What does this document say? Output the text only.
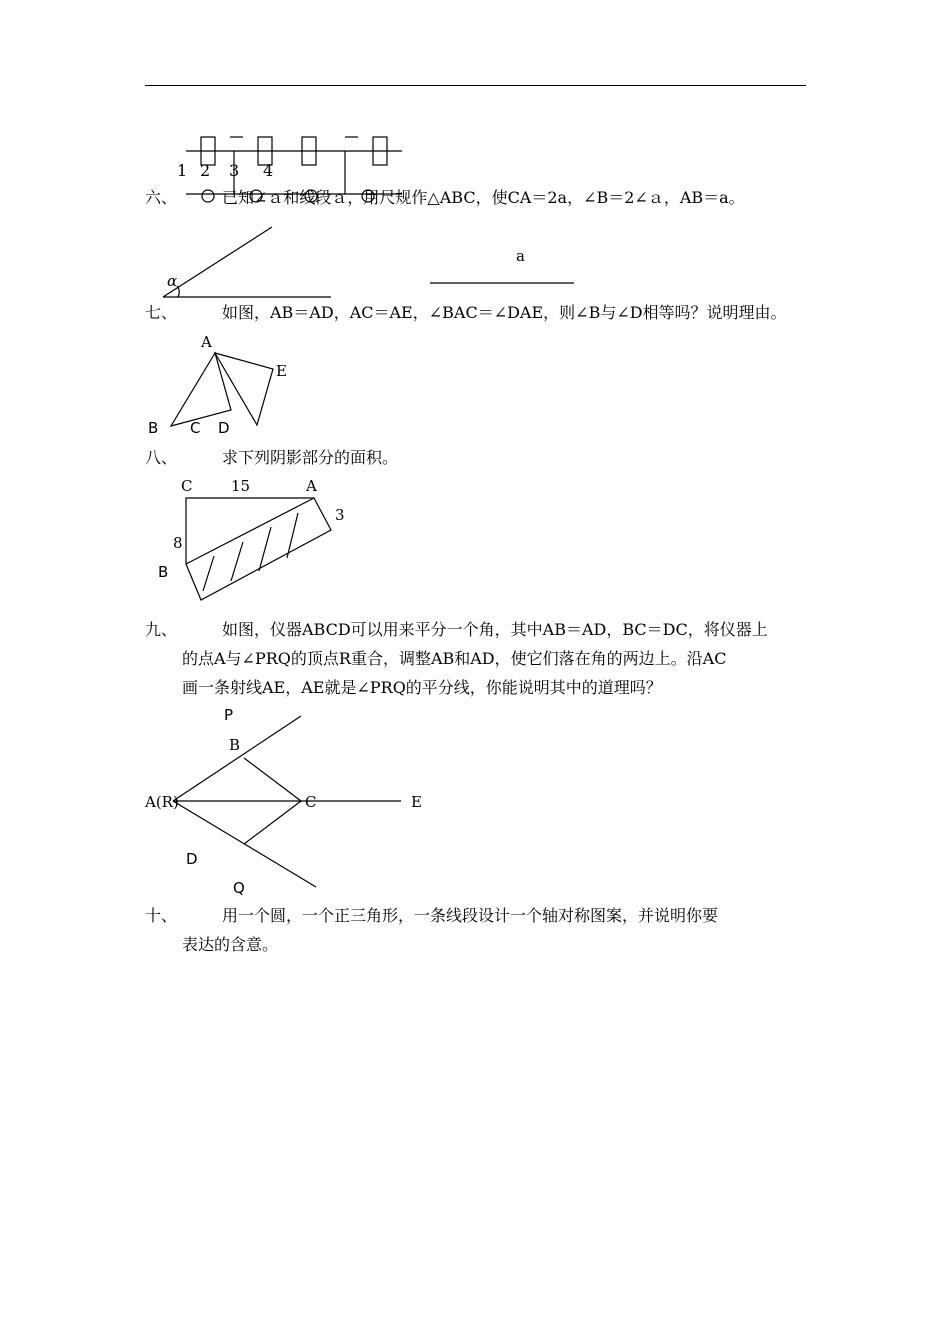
1 2 3 4
六、	已知∠ａ和线段ａ，用尺规作△ABC，使CA＝2a，∠B＝2∠ａ，AB＝a。
α
a
七、	如图，AB＝AD，AC＝AE，∠BAC＝∠DAE，则∠B与∠D相等吗？说明理由。
A
E
B C D
八、	求下列阴影部分的面积。
C	15	A
3
8
B
九、	如图，仪器ABCD可以用来平分一个角，其中AB＝AD，BC＝DC，将仪器上
的点A与∠PRQ的顶点R重合，调整AB和AD，使它们落在角的两边上。沿AC
画一条射线AE，AE就是∠PRQ的平分线，你能说明其中的道理吗？
P
B
A(R)	C	E
D
Q
十、	用一个圆，一个正三角形，一条线段设计一个轴对称图案，并说明你要
表达的含意。
